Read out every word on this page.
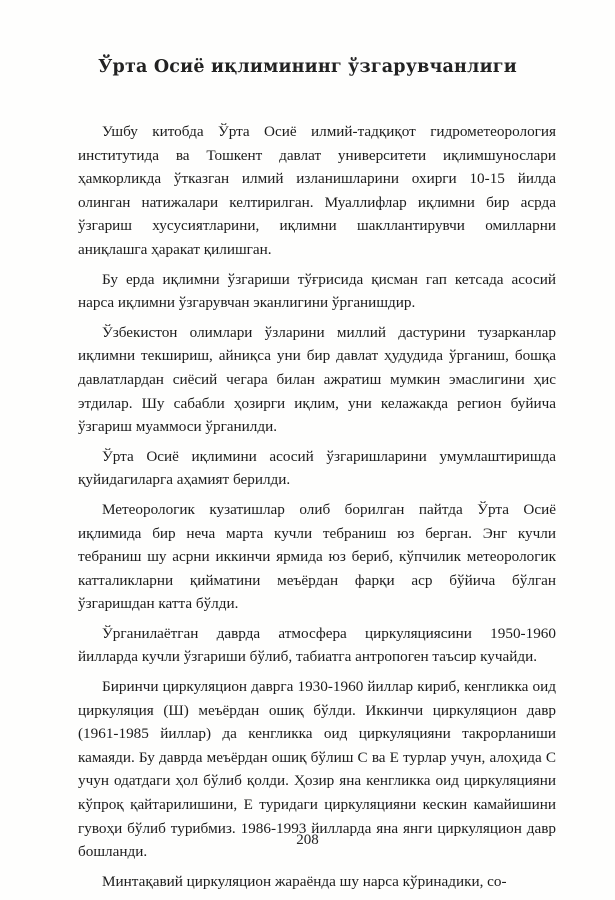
Ўрта Осиё иқлимининг ўзгарувчанлиги

Ушбу китобда Ўрта Осиё илмий-тадқиқот гидрометеорология институтида ва Тошкент давлат университети иқлимшунослари ҳамкорликда ўтказган илмий изланишларини охирги 10-15 йилда олинган натижалари келтирилган. Муаллифлар иқлимни бир асрда ўзгариш хусусиятларини, иқлимни шакллантирувчи омилларни аниқлашга ҳаракат қилишган.

Бу ерда иқлимни ўзгариши тўғрисида қисман гап кетсада асосий нарса иқлимни ўзгарувчан эканлигини ўрганишдир.

Ўзбекистон олимлари ўзларини миллий дастурини тузарканлар иқлимни текшириш, айниқса уни бир давлат ҳудудида ўрганиш, бошқа давлатлардан сиёсий чегара билан ажратиш мумкин эмаслигини ҳис этдилар. Шу сабабли ҳозирги иқлим, уни келажакда регион буйича ўзгариш муаммоси ўрганилди.

Ўрта Осиё иқлимини асосий ўзгаришларини умумлаштиришда қуйидагиларга аҳамият берилди.

Метеорологик кузатишлар олиб борилган пайтда Ўрта Осиё иқлимида бир неча марта кучли тебраниш юз берган. Энг кучли тебраниш шу асрни иккинчи ярмида юз бериб, кўпчилик метеорологик катталикларни қийматини меъёрдан фарқи аср бўйича бўлган ўзгаришдан катта бўлди.

Ўрганилаётган даврда атмосфера циркуляциясини 1950-1960 йилларда кучли ўзгариши бўлиб, табиатга антропоген таъсир кучайди.

Биринчи циркуляцион даврга 1930-1960 йиллар кириб, кенгликка оид циркуляция (Ш) меъёрдан ошиқ бўлди. Иккинчи циркуляцион давр (1961-1985 йиллар) да кенгликка оид циркуляцияни такрорланиши камаяди. Бу даврда меъёрдан ошиқ бўлиш С ва Е турлар учун, алоҳида С учун одатдаги ҳол бўлиб қолди. Ҳозир яна кенгликка оид циркуляцияни кўпроқ қайтарилишини, Е туридаги циркуляцияни кескин камайишини гувоҳи бўлиб турибмиз. 1986-1993 йилларда яна янги циркуляцион давр бошланди.

Минтақавий циркуляцион жараёнда шу нарса кўринадики, со-

208
